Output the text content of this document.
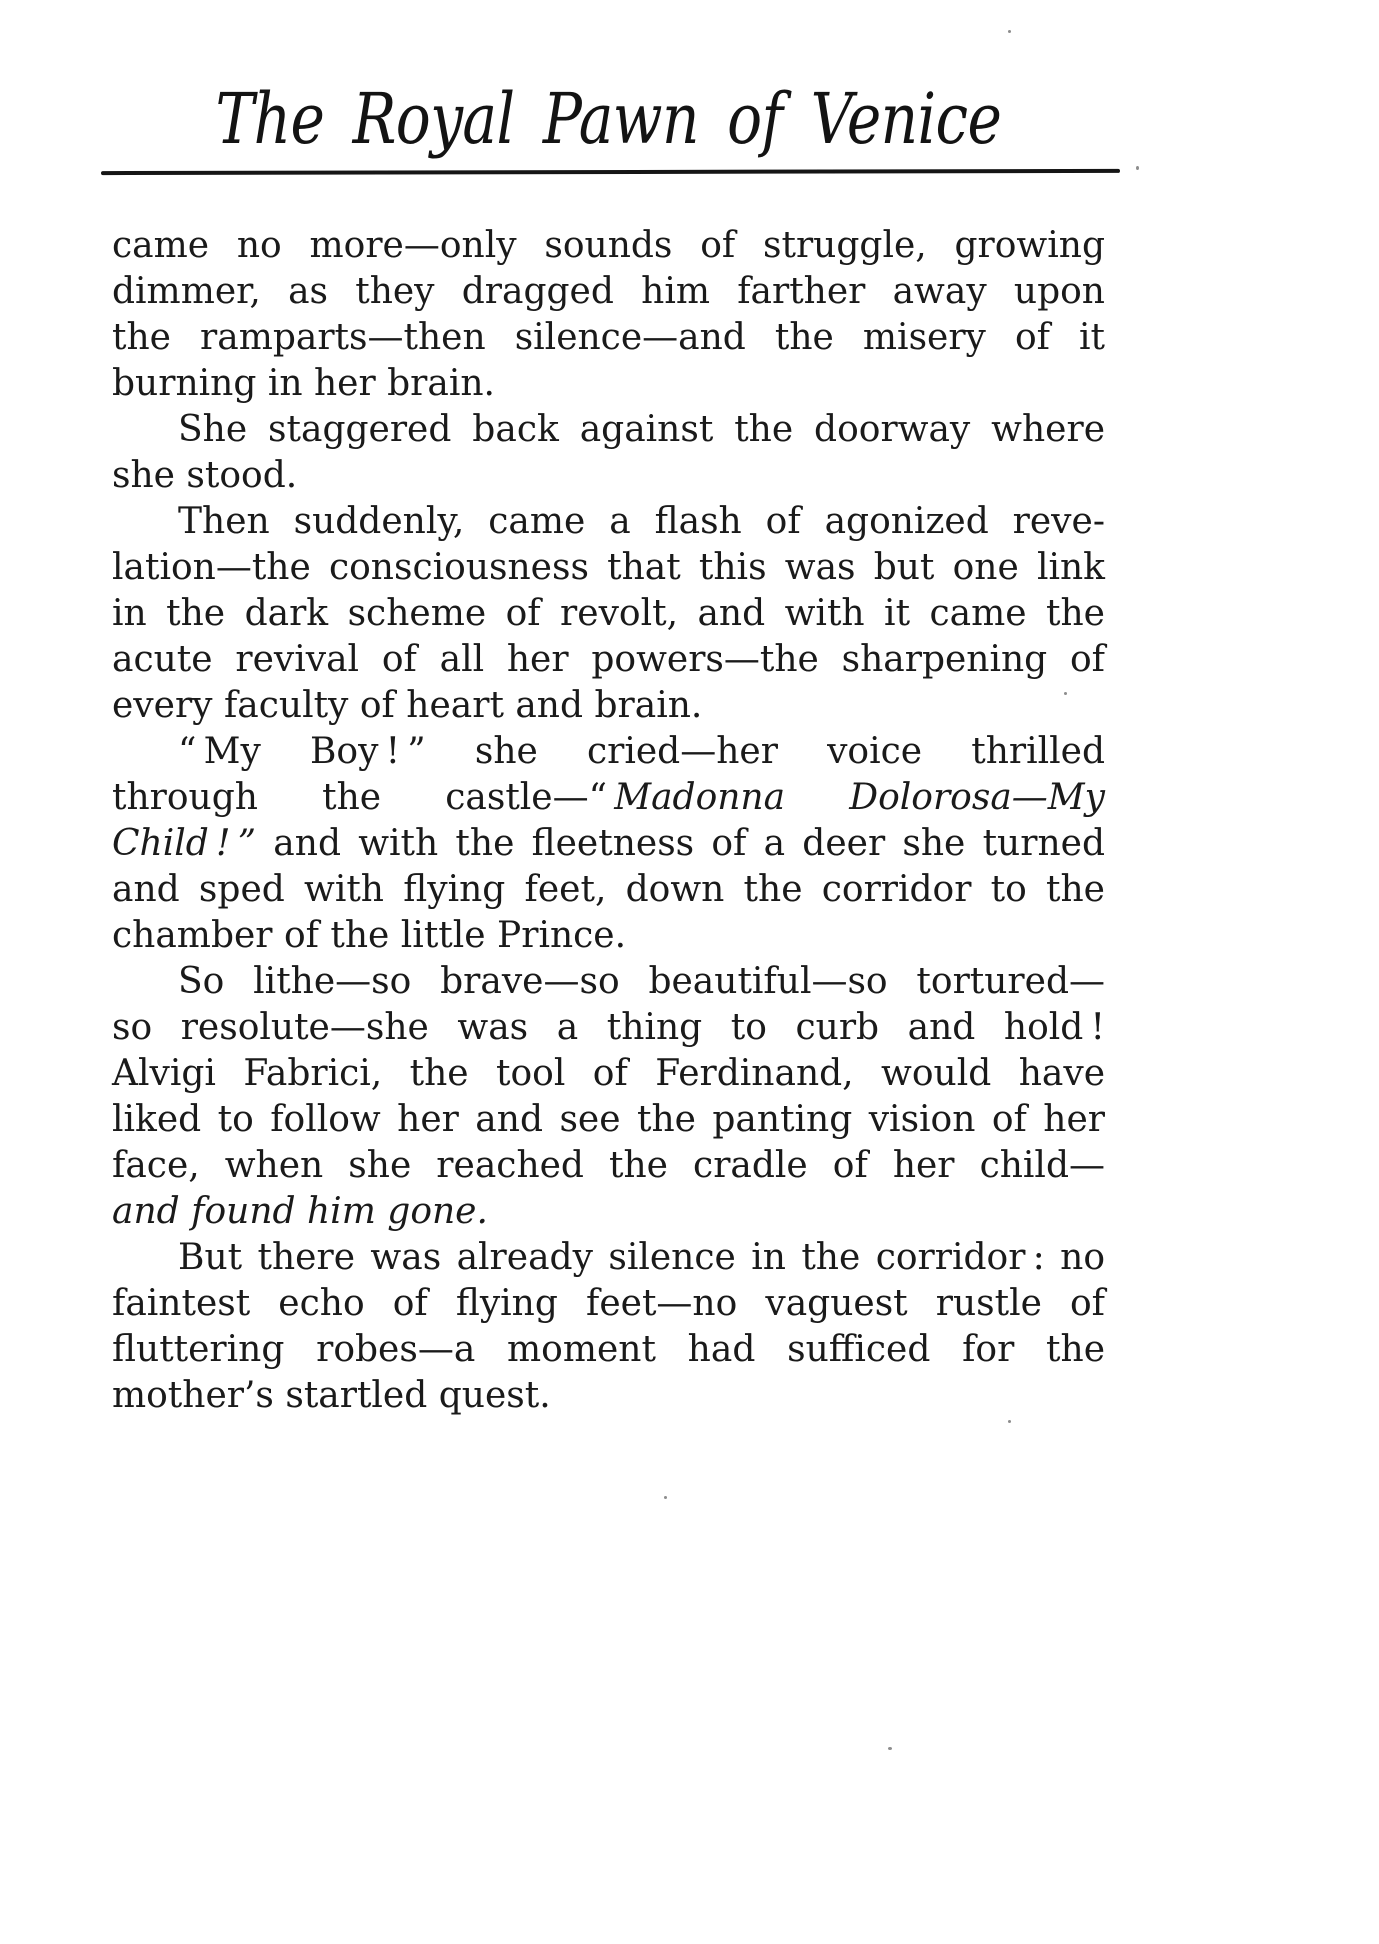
The Royal Pawn of Venice
came no more—only sounds of struggle, growing
dimmer, as they dragged him farther away upon
the ramparts—then silence—and the misery of it
burning in her brain.
She staggered back against the doorway where
she stood.
Then suddenly, came a flash of agonized reve-
lation—the consciousness that this was but one link
in the dark scheme of revolt, and with it came the
acute revival of all her powers—the sharpening of
every faculty of heart and brain.
“ My Boy ! ” she cried—her voice thrilled
through the castle—“ Madonna Dolorosa—My
Child ! ” and with the fleetness of a deer she turned
and sped with flying feet, down the corridor to the
chamber of the little Prince.
So lithe—so brave—so beautiful—so tortured—
so resolute—she was a thing to curb and hold !
Alvigi Fabrici, the tool of Ferdinand, would have
liked to follow her and see the panting vision of her
face, when she reached the cradle of her child—
and found him gone.
But there was already silence in the corridor : no
faintest echo of flying feet—no vaguest rustle of
fluttering robes—a moment had sufficed for the
mother’s startled quest.
